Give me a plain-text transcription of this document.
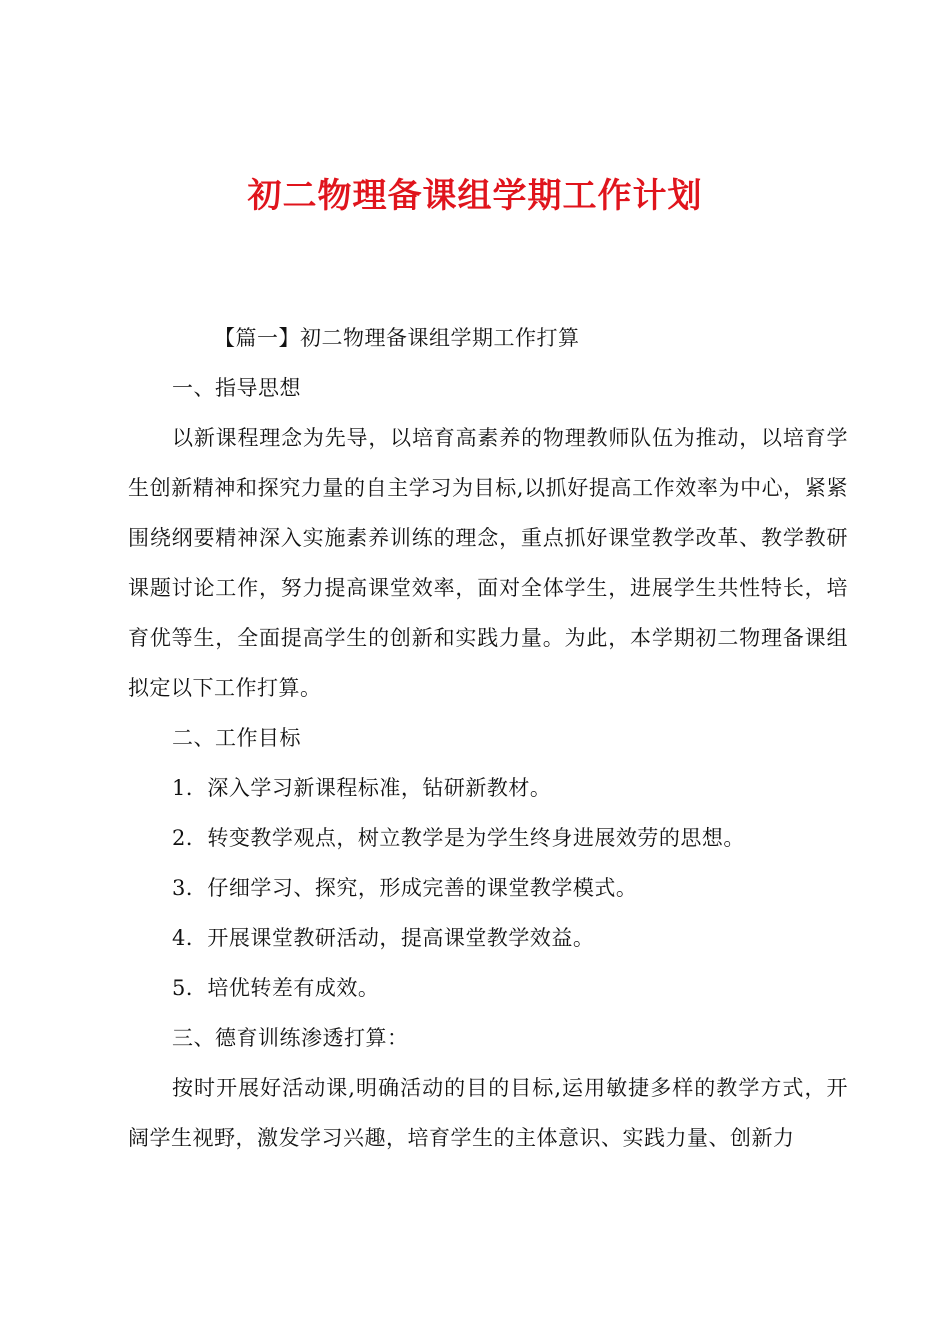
初二物理备课组学期工作计划

【篇一】初二物理备课组学期工作打算

一、指导思想

以新课程理念为先导，以培育高素养的物理教师队伍为推动，以培育学生创新精神和探究力量的自主学习为目标,以抓好提高工作效率为中心，紧紧围绕纲要精神深入实施素养训练的理念，重点抓好课堂教学改革、教学教研课题讨论工作，努力提高课堂效率，面对全体学生，进展学生共性特长，培育优等生，全面提高学生的创新和实践力量。为此，本学期初二物理备课组拟定以下工作打算。

二、工作目标

1．深入学习新课程标准，钻研新教材。

2．转变教学观点，树立教学是为学生终身进展效劳的思想。

3．仔细学习、探究，形成完善的课堂教学模式。

4．开展课堂教研活动，提高课堂教学效益。

5．培优转差有成效。

三、德育训练渗透打算：

按时开展好活动课,明确活动的目的目标,运用敏捷多样的教学方式，开阔学生视野，激发学习兴趣，培育学生的主体意识、实践力量、创新力
